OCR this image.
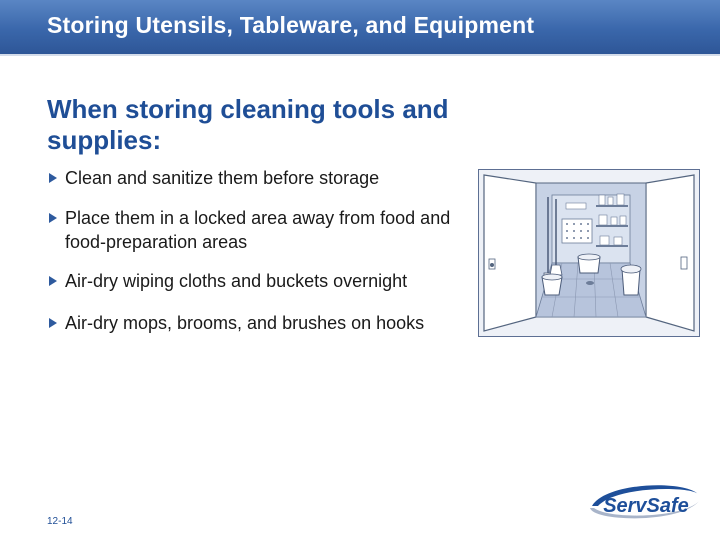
Storing Utensils, Tableware, and Equipment
When storing cleaning tools and supplies:
Clean and sanitize them before storage
Place them in a locked area away from food and food-preparation areas
Air-dry wiping cloths and buckets overnight
Air-dry mops, brooms, and brushes on hooks
12-14
ServSafe
